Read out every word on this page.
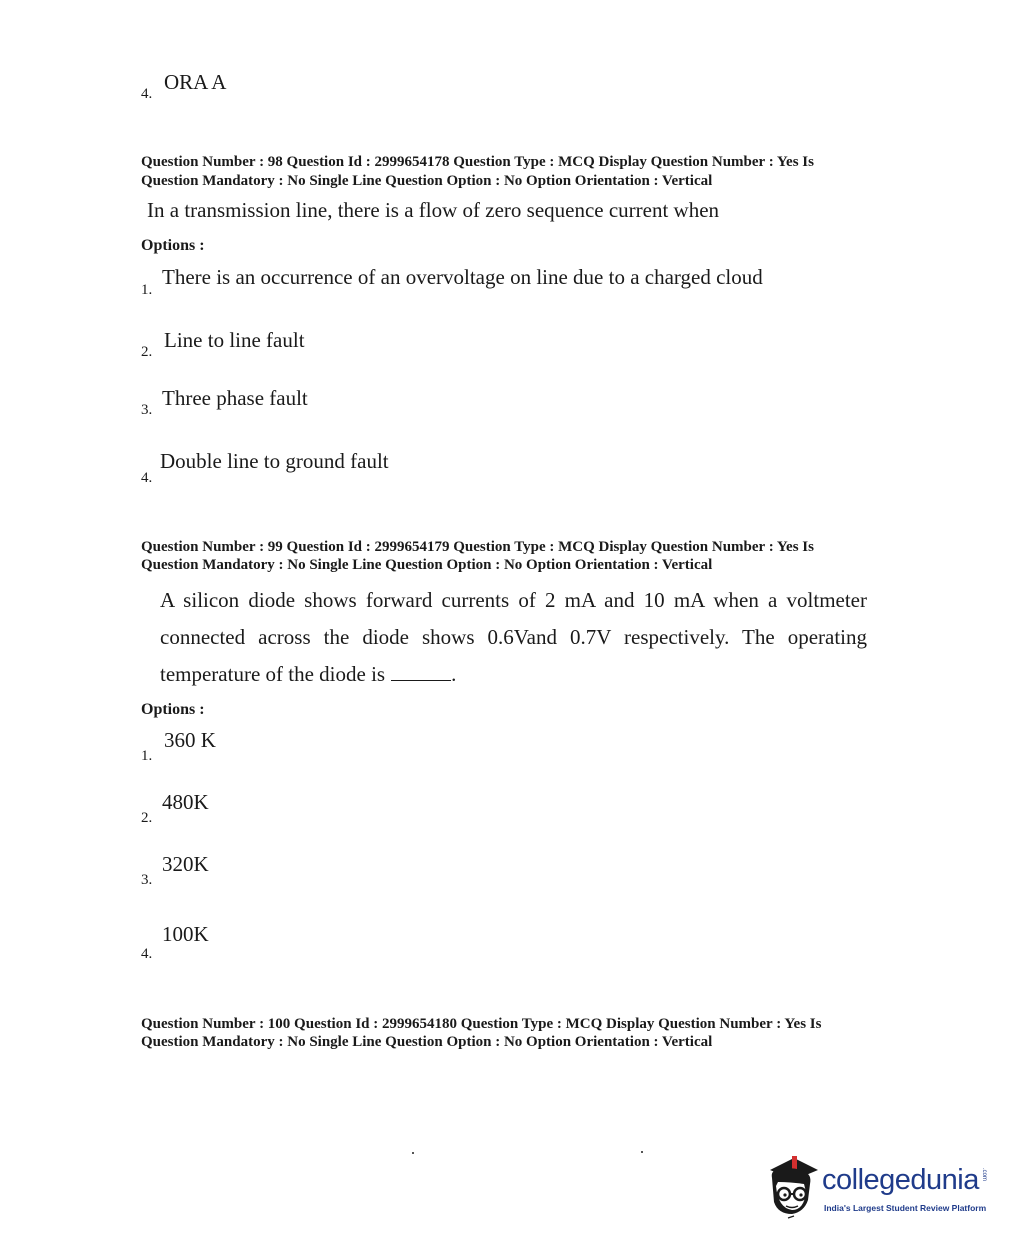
ORA A
4.
Question Number : 98 Question Id : 2999654178 Question Type : MCQ Display Question Number : Yes Is
Question Mandatory : No Single Line Question Option : No Option Orientation : Vertical
In a transmission line, there is a flow of zero sequence current when
Options :
There is an occurrence of an overvoltage on line due to a charged cloud
1.
Line to line fault
2.
Three phase fault
3.
Double line to ground fault
4.
Question Number : 99 Question Id : 2999654179 Question Type : MCQ Display Question Number : Yes Is
Question Mandatory : No Single Line Question Option : No Option Orientation : Vertical
A silicon diode shows forward currents of 2 mA and 10 mA when a voltmeter
connected across the diode shows 0.6Vand 0.7V respectively. The operating
temperature of the diode is	.
Options :
360 K
1.
480K
2.
320K
3.
100K
4.
Question Number : 100 Question Id : 2999654180 Question Type : MCQ Display Question Number : Yes Is
Question Mandatory : No Single Line Question Option : No Option Orientation : Vertical
collegedunia .com
India's Largest Student Review Platform
